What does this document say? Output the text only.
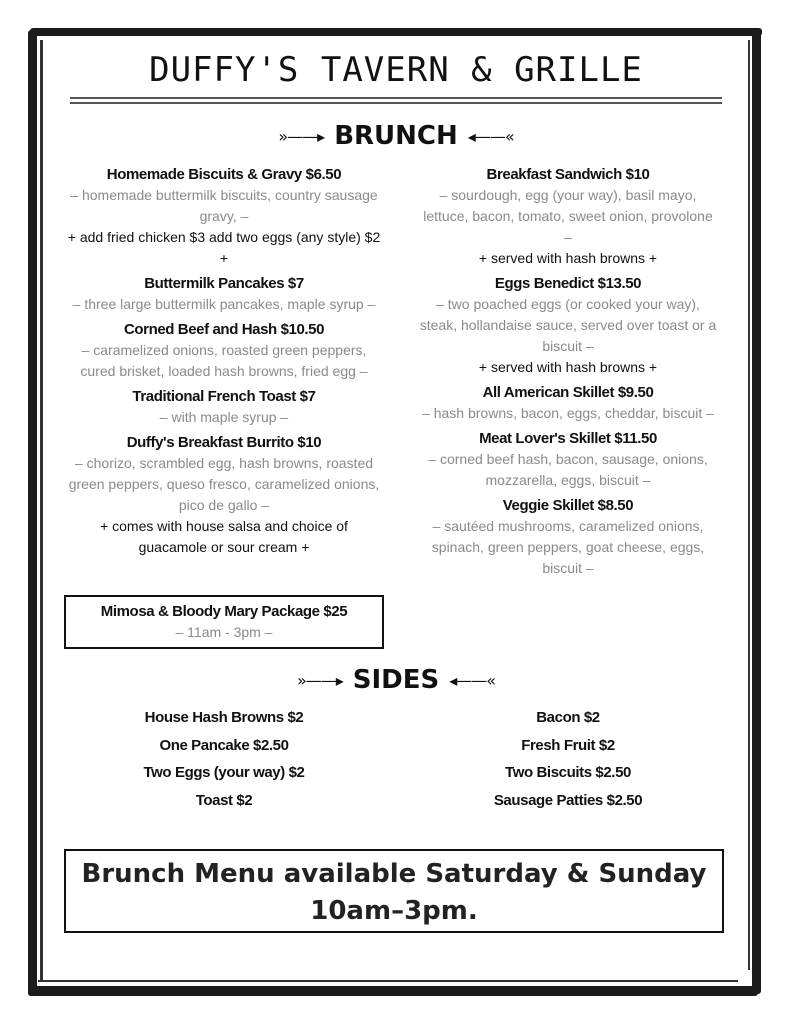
DUFFY'S TAVERN & GRILLE
»——▸ BRUNCH ◂——«
Homemade Biscuits & Gravy $6.50
– homemade buttermilk biscuits, country sausage gravy, –
+ add fried chicken $3 add two eggs (any style) $2 +
Buttermilk Pancakes $7
– three large buttermilk pancakes, maple syrup –
Corned Beef and Hash $10.50
– caramelized onions, roasted green peppers, cured brisket, loaded hash browns, fried egg –
Traditional French Toast $7
– with maple syrup –
Duffy's Breakfast Burrito $10
– chorizo, scrambled egg, hash browns, roasted green peppers, queso fresco, caramelized onions, pico de gallo –
+ comes with house salsa and choice of guacamole or sour cream +
Mimosa & Bloody Mary Package $25
– 11am - 3pm –
Breakfast Sandwich $10
– sourdough, egg (your way), basil mayo, lettuce, bacon, tomato, sweet onion, provolone –
+ served with hash browns +
Eggs Benedict $13.50
– two poached eggs (or cooked your way), steak, hollandaise sauce, served over toast or a biscuit –
+ served with hash browns +
All American Skillet $9.50
– hash browns, bacon, eggs, cheddar, biscuit –
Meat Lover's Skillet $11.50
– corned beef hash, bacon, sausage, onions, mozzarella, eggs, biscuit –
Veggie Skillet $8.50
– sautéed mushrooms, caramelized onions, spinach, green peppers, goat cheese, eggs, biscuit –
»——▸ SIDES ◂——«
House Hash Browns $2
One Pancake $2.50
Two Eggs (your way) $2
Toast $2
Bacon $2
Fresh Fruit $2
Two Biscuits $2.50
Sausage Patties $2.50
Brunch Menu available Saturday & Sunday
10am–3pm.
